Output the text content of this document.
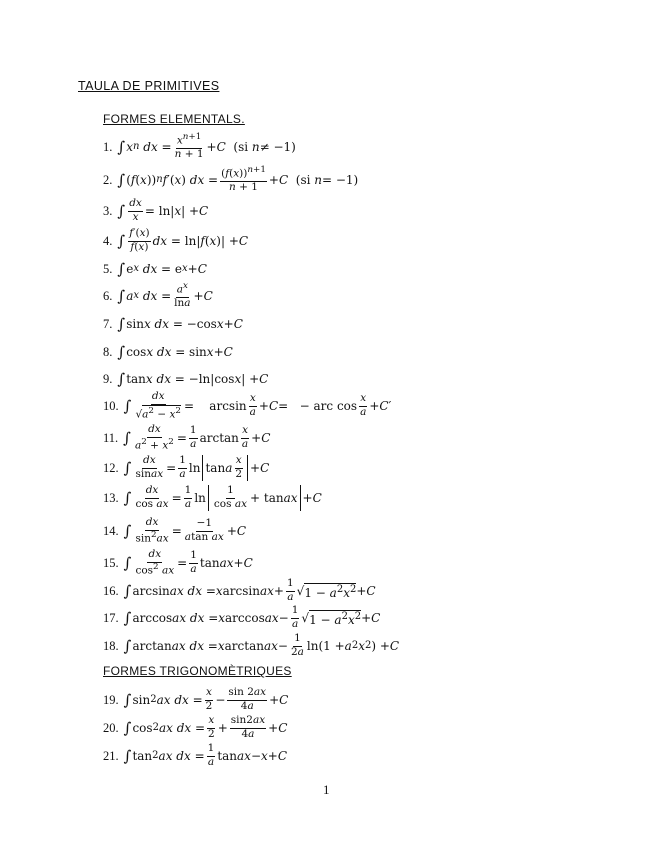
TAULA DE PRIMITIVES
FORMES ELEMENTALS.
1. ∫ x n
dx = $x^{n+1}$
n + 1
+ C (si n ≠ −1)
2. ∫ ( f ( x )) n f ′( x ) dx = $(f(x))^{n+1}$
n + 1
+ C (si n = −1)
3. ∫ dx
x = ln| x | + C
4. ∫ f′(x)
f(x) dx = ln| f ( x )| + C
5. ∫ e x
dx = e x + C
6. ∫ a x
dx = $a^x$
lna
+ C
7. ∫ sin x
dx = −cos x + C
8. ∫ cos x
dx = sin x + C
9. ∫ tan x
dx = −ln|cos x | + C
10. ∫
dx
$√a^2 - x^2$ =    arcsin
x
a + C =   − arc cos
x
a + C ′
11. ∫ dx
$a^2 + x^2$ =
1
a arctan
x
a + C
12. ∫ dx
sinax =
1
a ln tan a
x
2 + C
13. ∫ dx
cos ax =
1
a ln
1
cos ax + tan ax + C
14. ∫ dx
$\sin^2ax$
=
−1
atan ax + C
15. ∫ dx
$\cos^2$ ax
=
1
a tan ax + C
16. ∫ arcsin ax
dx = x arcsin ax +
1
a √ $1 - a^2x^2 + C$
17. ∫ arccos ax
dx = x arccos ax −
1
a √ $1 - a^2x^2 + C$
18. ∫ arctan ax
dx = x arctan ax −
1
2a ln(1 + a 2 x 2 ) + C
FORMES TRIGONOMÈTRIQUES
19. ∫ sin 2 ax
dx =
x
2 −
sin 2ax
4a + C
20. ∫ cos 2 ax
dx =
x
2 +
sin2ax
4a + C
21. ∫ tan 2 ax
dx =
1
a tan ax − x + C
1
